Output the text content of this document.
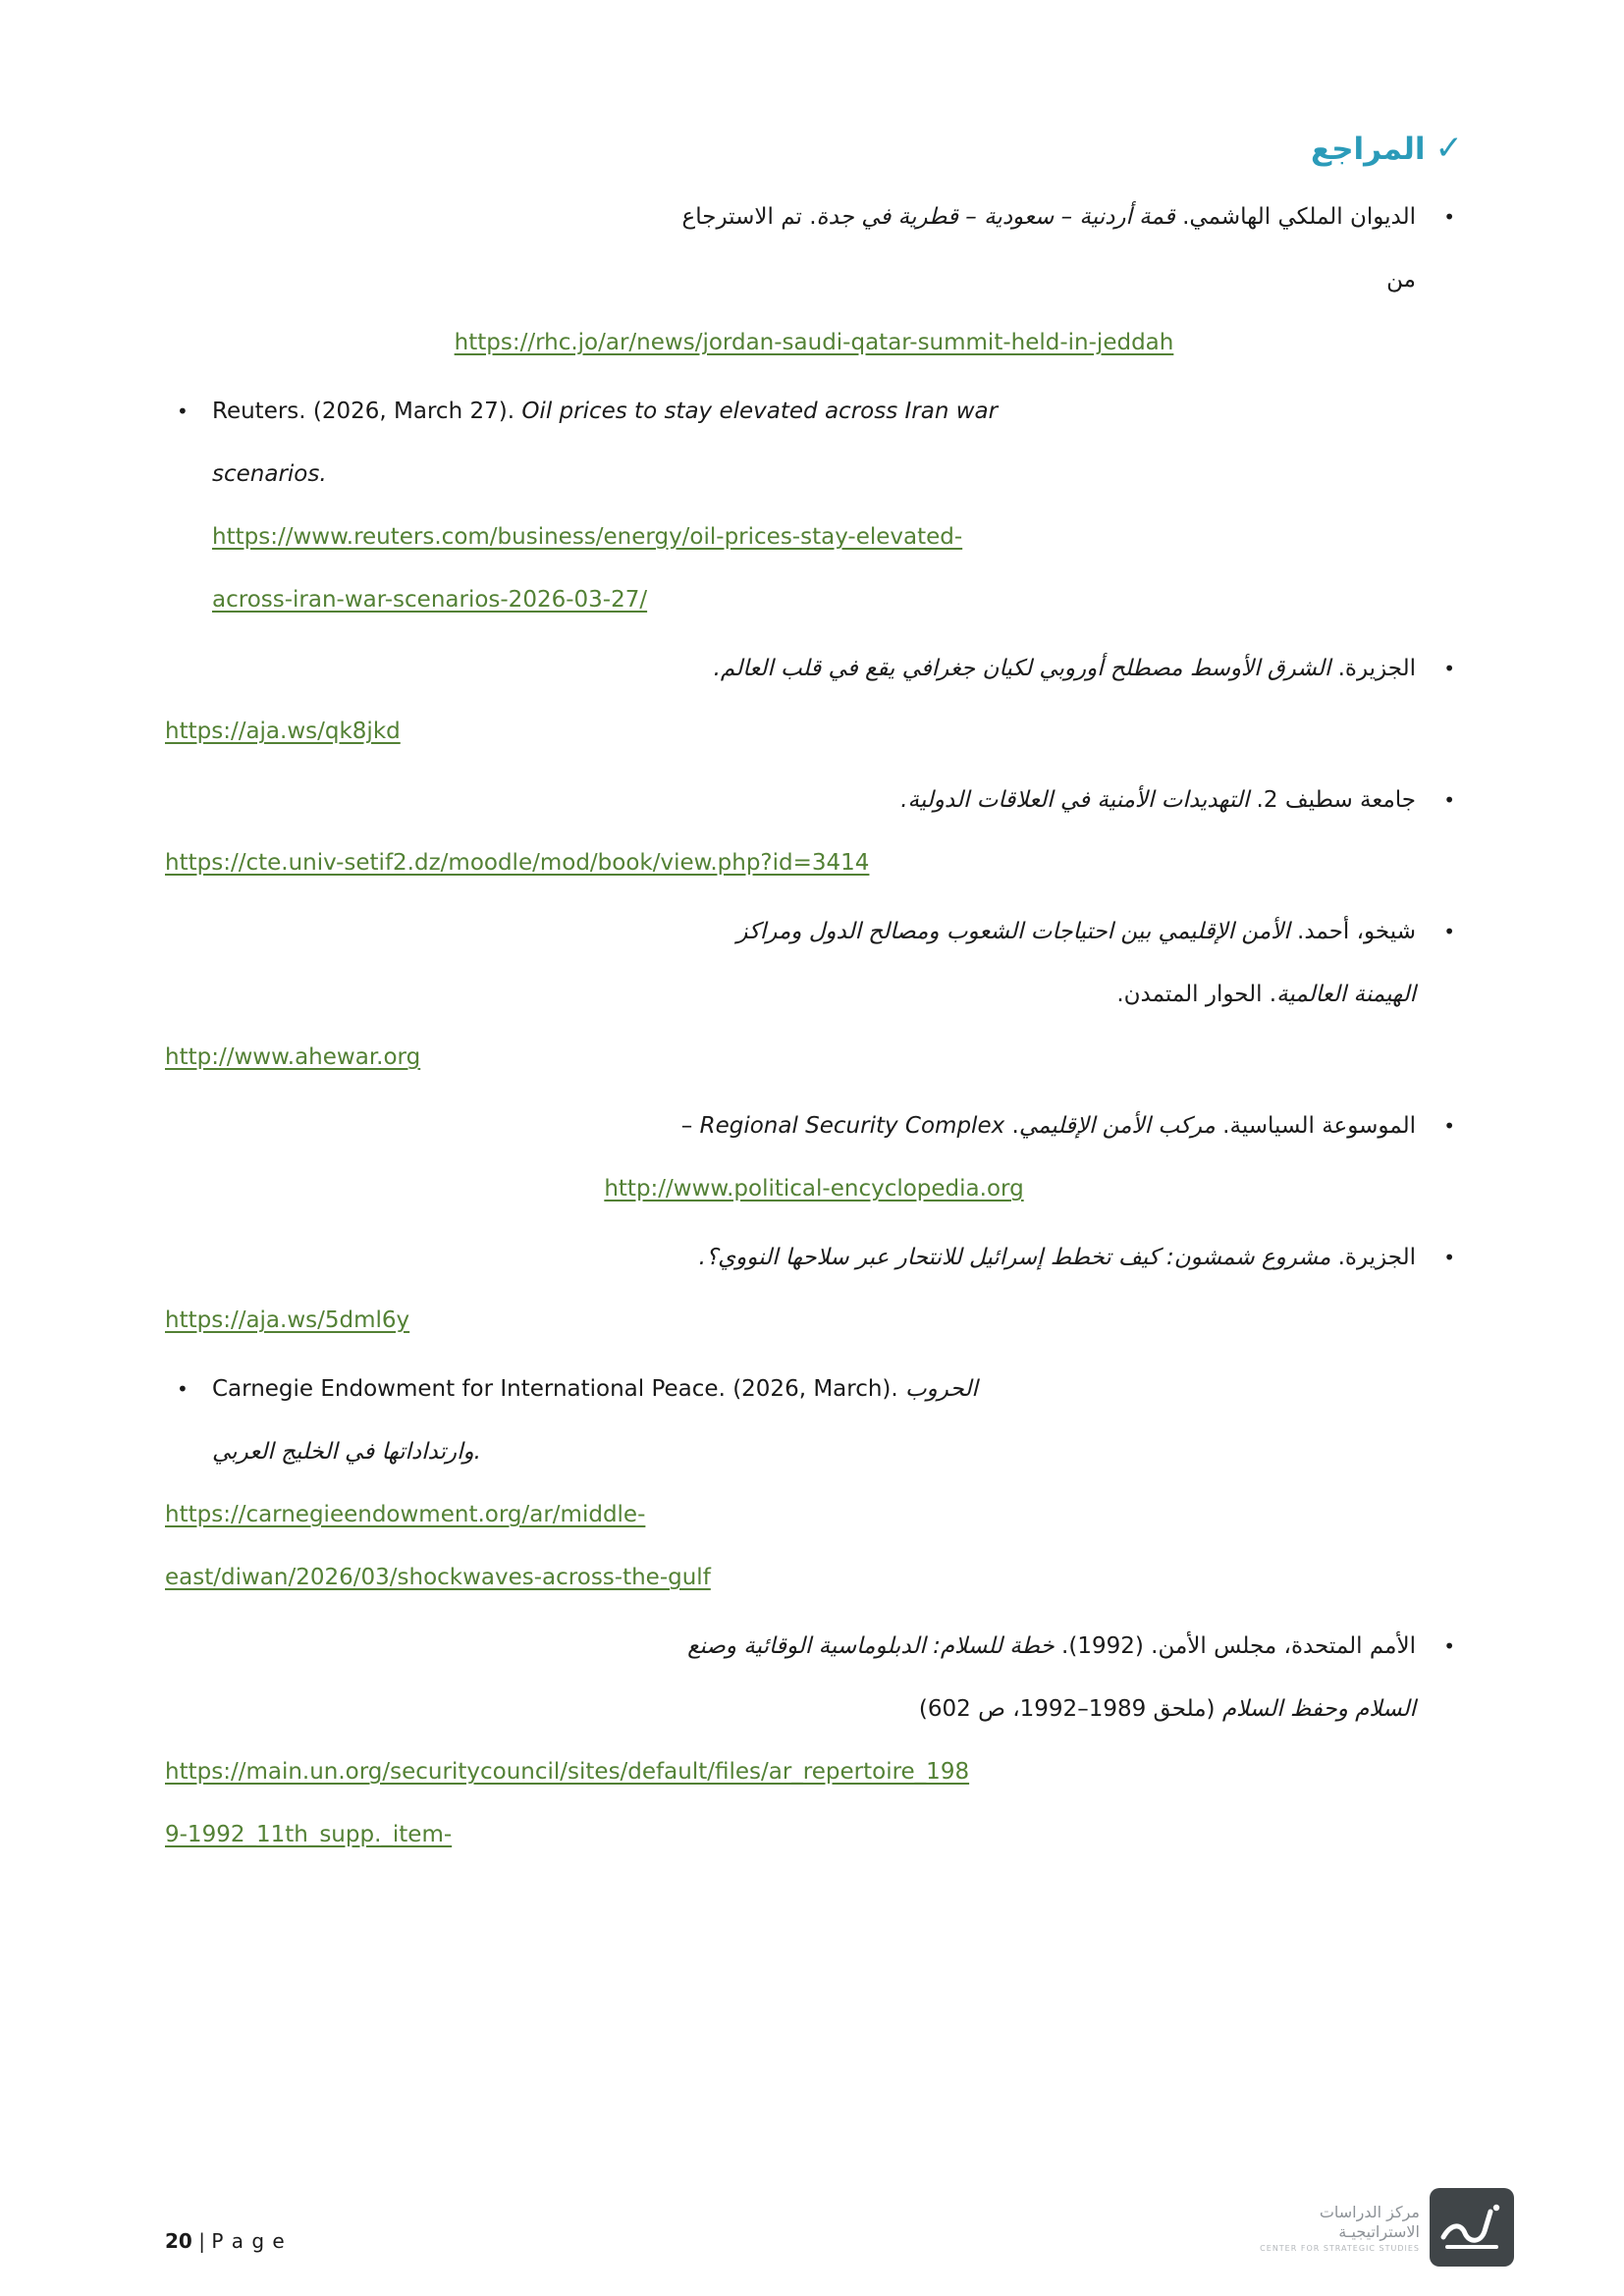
✓المراجع
•
الديوان الملكي الهاشمي. قمة أردنية – سعودية – قطرية في جدة. تم الاسترجاع
من
https://rhc.jo/ar/news/jordan-saudi-qatar-summit-held-in-jeddah
• Reuters. (2026, March 27). Oil prices to stay elevated across Iran war
scenarios.
https://www.reuters.com/business/energy/oil-prices-stay-elevated-
across-iran-war-scenarios-2026-03-27/
•
الجزيرة. الشرق الأوسط مصطلح أوروبي لكيان جغرافي يقع في قلب العالم.
https://aja.ws/qk8jkd
•
جامعة سطيف 2. التهديدات الأمنية في العلاقات الدولية.
https://cte.univ-setif2.dz/moodle/mod/book/view.php?id=3414
•
شيخو، أحمد. الأمن الإقليمي بين احتياجات الشعوب ومصالح الدول ومراكز
الهيمنة العالمية. الحوار المتمدن.
http://www.ahewar.org
•
الموسوعة السياسية. مركب الأمن الإقليمي. Regional Security Complex –
http://www.political-encyclopedia.org
•
الجزيرة. مشروع شمشون: كيف تخطط إسرائيل للانتحار عبر سلاحها النووي؟.
https://aja.ws/5dml6y
• Carnegie Endowment for International Peace. (2026, March). الحروب
وارتداداتها في الخليج العربي.
https://carnegieendowment.org/ar/middle-
east/diwan/2026/03/shockwaves-across-the-gulf
•
الأمم المتحدة، مجلس الأمن. (1992). خطة للسلام: الدبلوماسية الوقائية وصنع
السلام وحفظ السلام (ملحق 1989–1992، ص 602)
https://main.un.org/securitycouncil/sites/default/files/ar_repertoire_198
9-1992_11th_supp._item-
20 | P a g e
مركز الدراسات
الاستراتيجيـة
CENTER FOR STRATEGIC STUDIES
